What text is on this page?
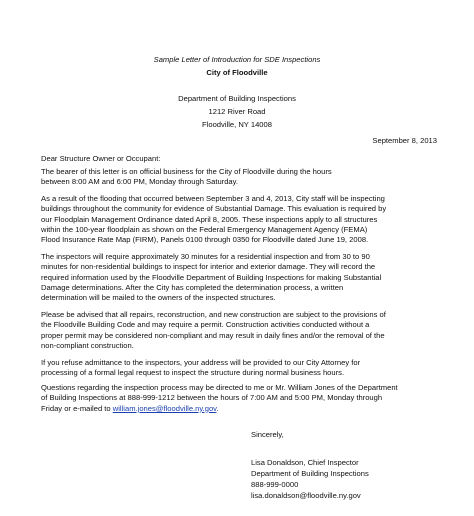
Sample Letter of Introduction for SDE Inspections
City of Floodville
Department of Building Inspections
1212 River Road
Floodville, NY 14008
September 8, 2013
Dear Structure Owner or Occupant:
The bearer of this letter is on official business for the City of Floodville during the hours
between 8:00 AM and 6:00 PM, Monday through Saturday.
As a result of the flooding that occurred between September 3 and 4, 2013, City staff will be inspecting
buildings throughout the community for evidence of Substantial Damage. This evaluation is required by
our Floodplain Management Ordinance dated April 8, 2005. These inspections apply to all structures
within the 100-year floodplain as shown on the Federal Emergency Management Agency (FEMA)
Flood Insurance Rate Map (FIRM), Panels 0100 through 0350 for Floodville dated June 19, 2008.
The inspectors will require approximately 30 minutes for a residential inspection and from 30 to 90
minutes for non-residential buildings to inspect for interior and exterior damage. They will record the
required information used by the Floodville Department of Building Inspections for making Substantial
Damage determinations. After the City has completed the determination process, a written
determination will be mailed to the owners of the inspected structures.
Please be advised that all repairs, reconstruction, and new construction are subject to the provisions of
the Floodville Building Code and may require a permit. Construction activities conducted without a
proper permit may be considered non-compliant and may result in daily fines and/or the removal of the
non-compliant construction.
If you refuse admittance to the inspectors, your address will be provided to our City Attorney for
processing of a formal legal request to inspect the structure during normal business hours.
Questions regarding the inspection process may be directed to me or Mr. William Jones of the Department
of Building Inspections at 888-999-1212 between the hours of 7:00 AM and 5:00 PM, Monday through
Friday or e-mailed to william.jones@floodville.ny.gov.
Sincerely,
Lisa Donaldson, Chief Inspector
Department of Building Inspections
888-999-0000
lisa.donaldson@floodville.ny.gov
